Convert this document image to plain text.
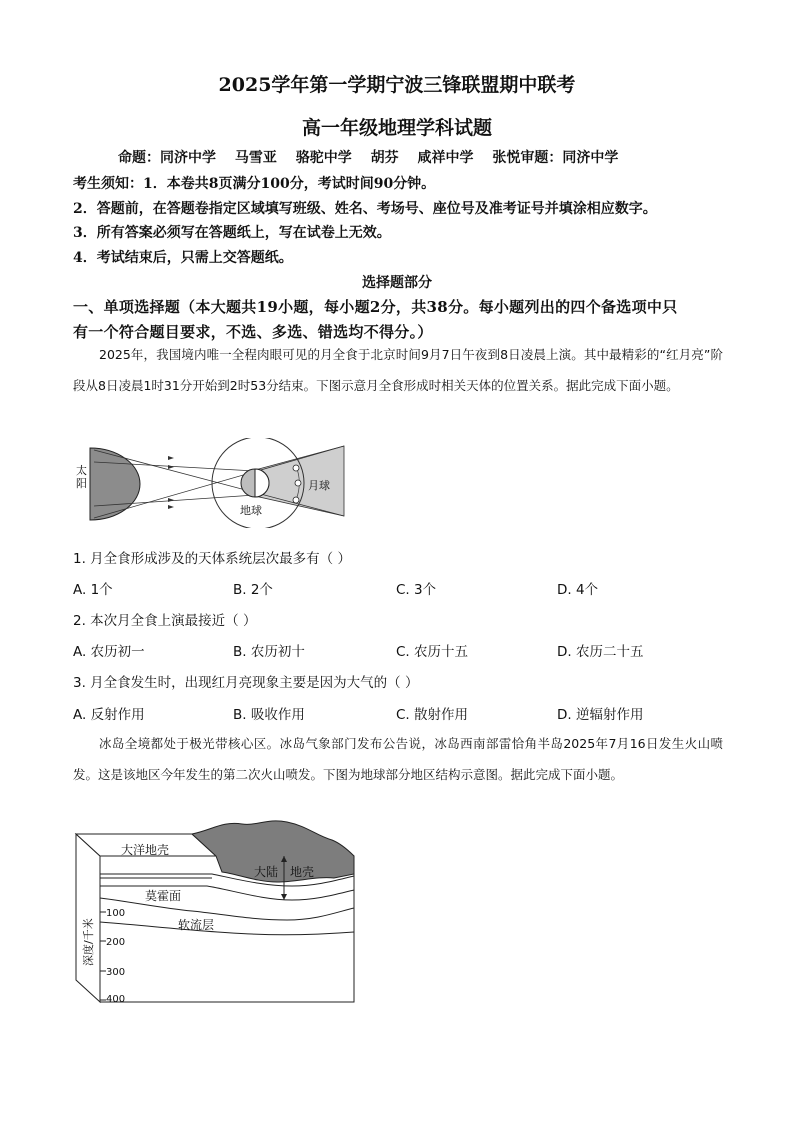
2025学年第一学期宁波三锋联盟期中联考
高一年级地理学科试题
命题：同济中学 马雪亚 骆驼中学 胡芬 咸祥中学 张悦审题：同济中学
考生须知：1．本卷共8页满分100分，考试时间90分钟。
2．答题前，在答题卷指定区域填写班级、姓名、考场号、座位号及准考证号并填涂相应数字。
3．所有答案必须写在答题纸上，写在试卷上无效。
4．考试结束后，只需上交答题纸。
选择题部分
一、单项选择题（本大题共19小题，每小题2分，共38分。每小题列出的四个备选项中只
有一个符合题目要求，不选、多选、错选均不得分。）
2025年，我国境内唯一全程肉眼可见的月全食于北京时间9月7日午夜到8日凌晨上演。其中最精彩的“红月亮”阶段从8日凌晨1时31分开始到2时53分结束。下图示意月全食形成时相关天体的位置关系。据此完成下面小题。
太阳
地球
月球
1. 月全食形成涉及的天体系统层次最多有（ ）
A. 1个	B. 2个	C. 3个	D. 4个
2. 本次月全食上演最接近（ ）
A. 农历初一	B. 农历初十	C. 农历十五	D. 农历二十五
3. 月全食发生时，出现红月亮现象主要是因为大气的（ ）
A. 反射作用	B. 吸收作用	C. 散射作用	D. 逆辐射作用
冰岛全境都处于极光带核心区。冰岛气象部门发布公告说，冰岛西南部雷恰角半岛2025年7月16日发生火山喷发。这是该地区今年发生的第二次火山喷发。下图为地球部分地区结构示意图。据此完成下面小题。
100
200
300
400
大洋地壳
大陆 地壳
莫霍面
软流层
深度/千米
